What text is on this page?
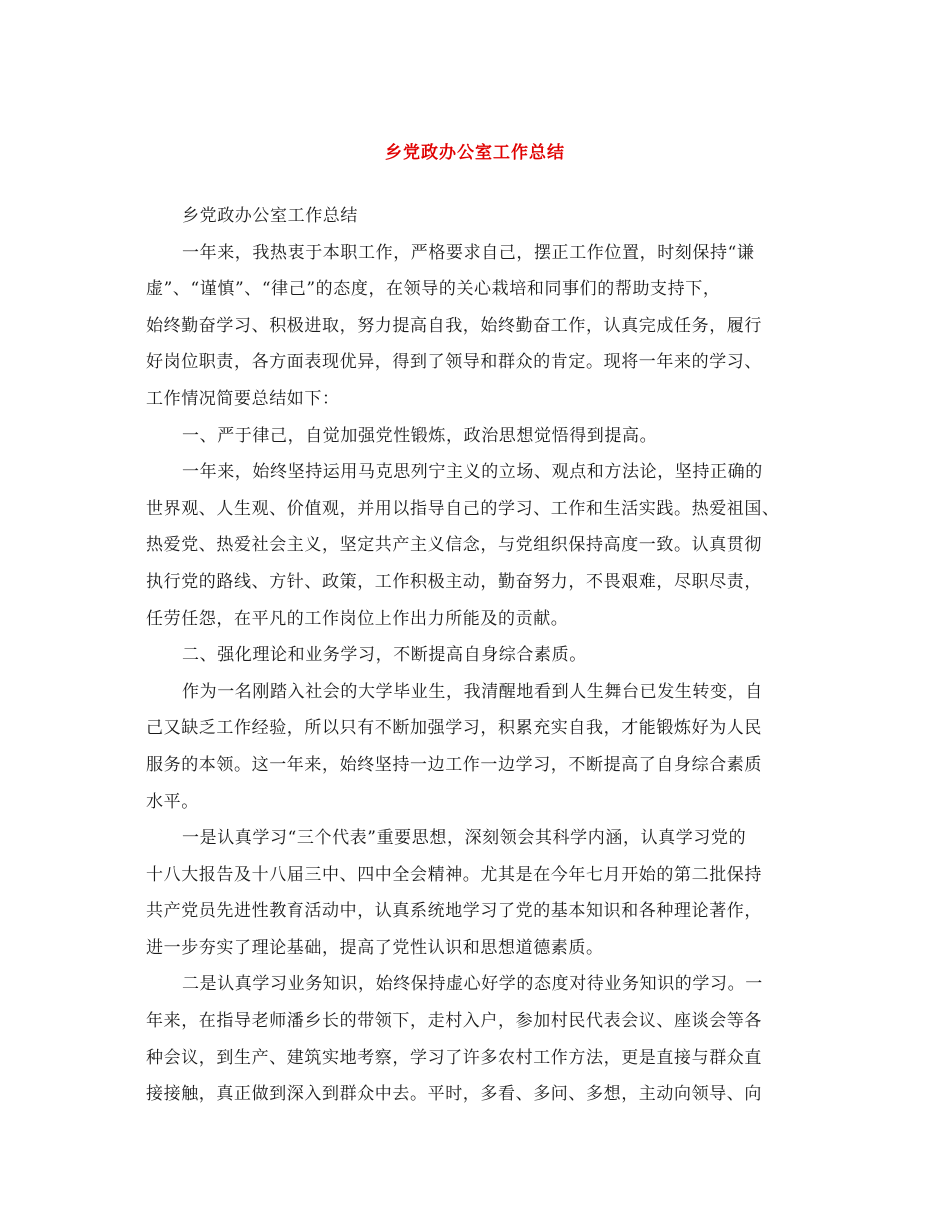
乡党政办公室工作总结
乡党政办公室工作总结
一年来，我热衷于本职工作，严格要求自己，摆正工作位置，时刻保持“谦
虚”、“谨慎”、“律己”的态度，在领导的关心栽培和同事们的帮助支持下，
始终勤奋学习、积极进取，努力提高自我，始终勤奋工作，认真完成任务，履行
好岗位职责，各方面表现优异，得到了领导和群众的肯定。现将一年来的学习、
工作情况简要总结如下：
一、严于律己，自觉加强党性锻炼，政治思想觉悟得到提高。
一年来，始终坚持运用马克思列宁主义的立场、观点和方法论，坚持正确的
世界观、人生观、价值观，并用以指导自己的学习、工作和生活实践。热爱祖国、
热爱党、热爱社会主义，坚定共产主义信念，与党组织保持高度一致。认真贯彻
执行党的路线、方针、政策，工作积极主动，勤奋努力，不畏艰难，尽职尽责，
任劳任怨，在平凡的工作岗位上作出力所能及的贡献。
二、强化理论和业务学习，不断提高自身综合素质。
作为一名刚踏入社会的大学毕业生，我清醒地看到人生舞台已发生转变，自
己又缺乏工作经验，所以只有不断加强学习，积累充实自我，才能锻炼好为人民
服务的本领。这一年来，始终坚持一边工作一边学习，不断提高了自身综合素质
水平。
一是认真学习“三个代表”重要思想，深刻领会其科学内涵，认真学习党的
十八大报告及十八届三中、四中全会精神。尤其是在今年七月开始的第二批保持
共产党员先进性教育活动中，认真系统地学习了党的基本知识和各种理论著作，
进一步夯实了理论基础，提高了党性认识和思想道德素质。
二是认真学习业务知识，始终保持虚心好学的态度对待业务知识的学习。一
年来，在指导老师潘乡长的带领下，走村入户，参加村民代表会议、座谈会等各
种会议，到生产、建筑实地考察，学习了许多农村工作方法，更是直接与群众直
接接触，真正做到深入到群众中去。平时，多看、多问、多想，主动向领导、向
